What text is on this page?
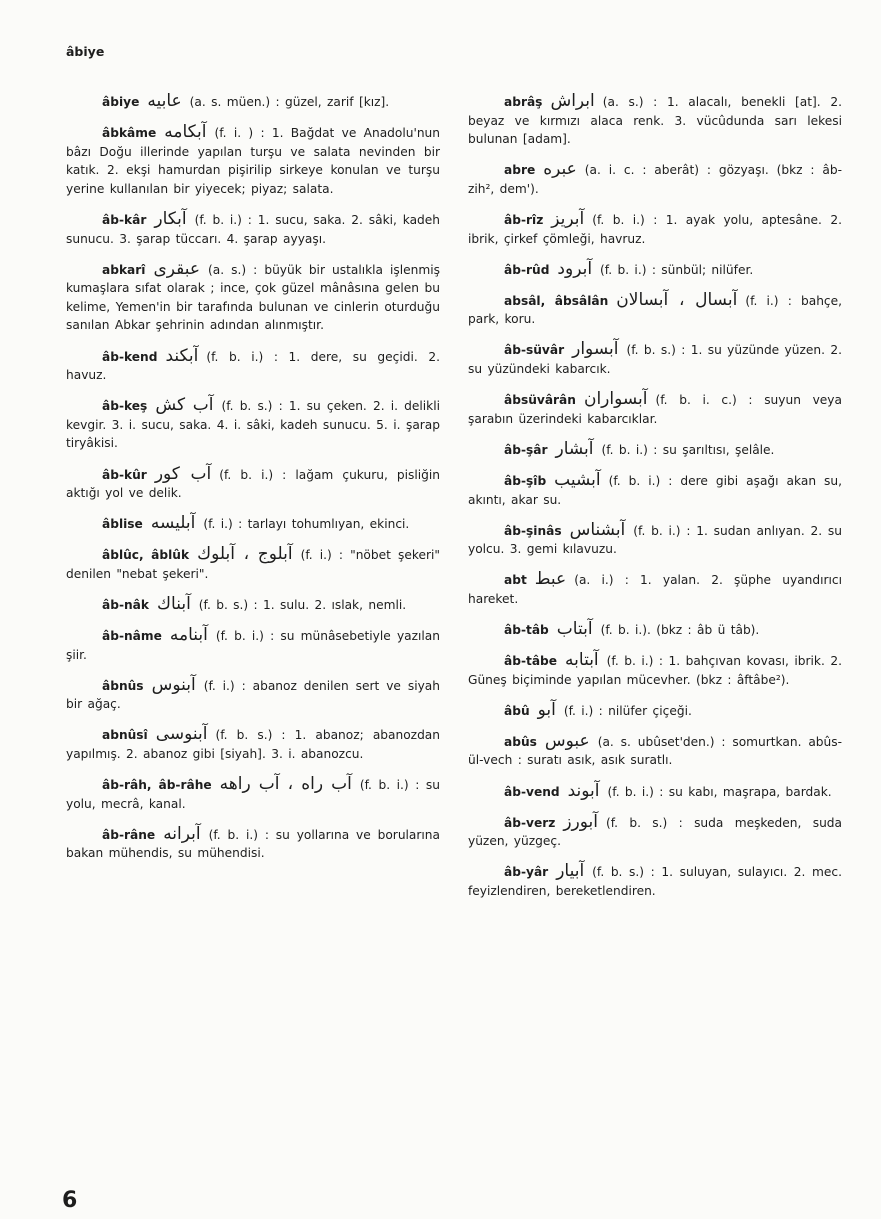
âbiye
âbiye عابيه (a. s. müen.) : güzel, zarif [kız].
âbkâme آبكامه (f. i. ) : 1. Bağdat ve Anadolu'nun bâzı Doğu illerinde yapılan turşu ve salata nevinden bir katık. 2. ekşi hamurdan pişirilip sirkeye konulan ve turşu yerine kullanılan bir yiyecek; piyaz; salata.
âb-kâr آبكار (f. b. i.) : 1. sucu, saka. 2. sâki, kadeh sunucu. 3. şarap tüccarı. 4. şarap ayyaşı.
abkarî عبقرى (a. s.) : büyük bir ustalıkla işlenmiş kumaşlara sıfat olarak ; ince, çok güzel mânâsına gelen bu kelime, Yemen'in bir tarafında bulunan ve cinlerin oturduğu sanılan Abkar şehrinin adından alınmıştır.
âb-kend آبكند (f. b. i.) : 1. dere, su geçidi. 2. havuz.
âb-keş آب كش (f. b. s.) : 1. su çeken. 2. i. delikli kevgir. 3. i. sucu, saka. 4. i. sâki, kadeh sunucu. 5. i. şarap tiryâkisi.
âb-kûr آب كور (f. b. i.) : lağam çukuru, pisliğin aktığı yol ve delik.
âblise آبليسه (f. i.) : tarlayı tohumlıyan, ekinci.
âblûc, âblûk آبلوج ، آبلوك (f. i.) : "nöbet şekeri" denilen "nebat şekeri".
âb-nâk آبناك (f. b. s.) : 1. sulu. 2. ıslak, nemli.
âb-nâme آبنامه (f. b. i.) : su münâsebetiyle yazılan şiir.
âbnûs آبنوس (f. i.) : abanoz denilen sert ve siyah bir ağaç.
abnûsî آبنوسى (f. b. s.) : 1. abanoz; abanozdan yapılmış. 2. abanoz gibi [siyah]. 3. i. abanozcu.
âb-râh, âb-râhe آب راه ، آب راهه (f. b. i.) : su yolu, mecrâ, kanal.
âb-râne آبرانه (f. b. i.) : su yollarına ve borularına bakan mühendis, su mühendisi.
abrâş ابراش (a. s.) : 1. alacalı, benekli [at]. 2. beyaz ve kırmızı alaca renk. 3. vücûdunda sarı lekesi bulunan [adam].
abre عبره (a. i. c. : aberât) : gözyaşı. (bkz : âb-zih², dem').
âb-rîz آبريز (f. b. i.) : 1. ayak yolu, aptesâne. 2. ibrik, çirkef çömleği, havruz.
âb-rûd آبرود (f. b. i.) : sünbül; nilüfer.
absâl, âbsâlân آبسال ، آبسالان (f. i.) : bahçe, park, koru.
âb-süvâr آبسوار (f. b. s.) : 1. su yüzünde yüzen. 2. su yüzündeki kabarcık.
âbsüvârân آبسواران (f. b. i. c.) : suyun veya şarabın üzerindeki kabarcıklar.
âb-şâr آبشار (f. b. i.) : su şarıltısı, şelâle.
âb-şîb آبشيب (f. b. i.) : dere gibi aşağı akan su, akıntı, akar su.
âb-şinâs آبشناس (f. b. i.) : 1. sudan anlıyan. 2. su yolcu. 3. gemi kılavuzu.
abt عبط (a. i.) : 1. yalan. 2. şüphe uyandırıcı hareket.
âb-tâb آبتاب (f. b. i.). (bkz : âb ü tâb).
âb-tâbe آبتابه (f. b. i.) : 1. bahçıvan kovası, ibrik. 2. Güneş biçiminde yapılan mücevher. (bkz : âftâbe²).
âbû آبو (f. i.) : nilüfer çiçeği.
abûs عبوس (a. s. ubûset'den.) : somurtkan. abûs-ül-vech : suratı asık, asık suratlı.
âb-vend آبوند (f. b. i.) : su kabı, maşrapa, bardak.
âb-verz آبورز (f. b. s.) : suda meşkeden, suda yüzen, yüzgeç.
âb-yâr آبيار (f. b. s.) : 1. suluyan, sulayıcı. 2. mec. feyizlendiren, bereketlendiren.
6
